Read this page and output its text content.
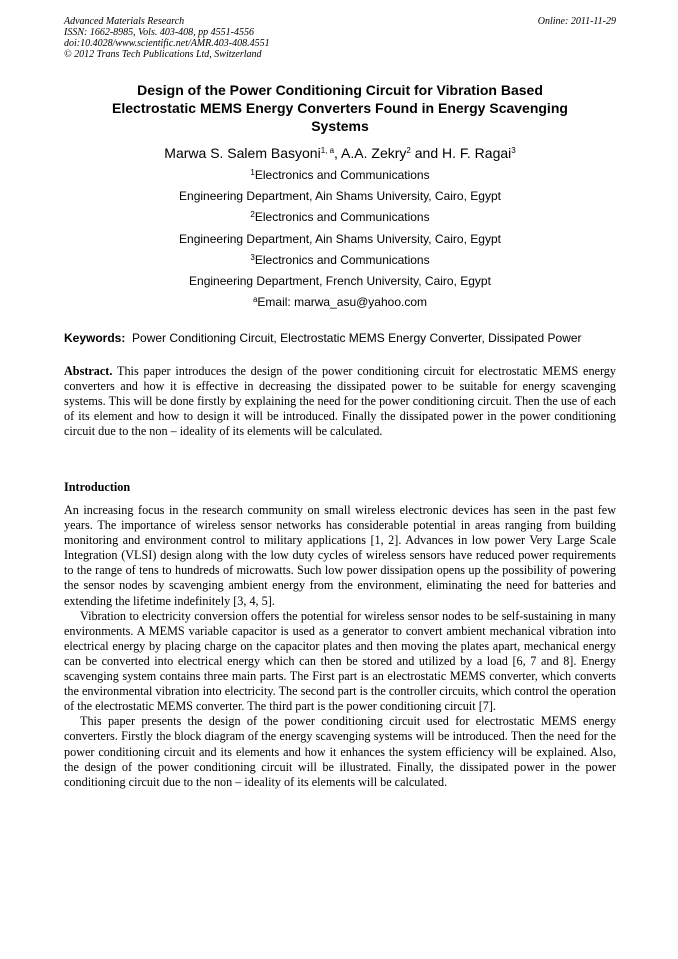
Advanced Materials Research
ISSN: 1662-8985, Vols. 403-408, pp 4551-4556
doi:10.4028/www.scientific.net/AMR.403-408.4551
© 2012 Trans Tech Publications Ltd, Switzerland
Online: 2011-11-29
Design of the Power Conditioning Circuit for Vibration Based
Electrostatic MEMS Energy Converters Found in Energy Scavenging
Systems
Marwa S. Salem Basyoni$^{1, a}$, A.A. Zekry$^2$ and H. F. Ragai$^3$
$^1$Electronics and Communications
Engineering Department, Ain Shams University, Cairo, Egypt
$^2$Electronics and Communications
Engineering Department, Ain Shams University, Cairo, Egypt
$^3$Electronics and Communications
Engineering Department, French University, Cairo, Egypt
$^a$Email: marwa_asu@yahoo.com
Keywords: Power Conditioning Circuit, Electrostatic MEMS Energy Converter, Dissipated Power

Abstract. This paper introduces the design of the power conditioning circuit for electrostatic MEMS energy converters and how it is effective in decreasing the dissipated power to be suitable for energy scavenging systems. This will be done firstly by explaining the need for the power conditioning circuit. Then the use of each of its element and how to design it will be introduced. Finally the dissipated power in the power conditioning circuit due to the non – ideality of its elements will be calculated.

Introduction

An increasing focus in the research community on small wireless electronic devices has seen in the past few years. The importance of wireless sensor networks has considerable potential in areas ranging from building monitoring and environment control to military applications [1, 2]. Advances in low power Very Large Scale Integration (VLSI) design along with the low duty cycles of wireless sensors have reduced power requirements to the range of tens to hundreds of microwatts. Such low power dissipation opens up the possibility of powering the sensor nodes by scavenging ambient energy from the environment, eliminating the need for batteries and extending the lifetime indefinitely [3, 4, 5].

Vibration to electricity conversion offers the potential for wireless sensor nodes to be self-sustaining in many environments. A MEMS variable capacitor is used as a generator to convert ambient mechanical vibration into electrical energy by placing charge on the capacitor plates and then moving the plates apart, mechanical energy can be converted into electrical energy which can then be stored and utilized by a load [6, 7 and 8]. Energy scavenging system contains three main parts. The First part is an electrostatic MEMS converter, which converts the environmental vibration into electricity. The second part is the controller circuits, which control the operation of the electrostatic MEMS converter. The third part is the power conditioning circuit [7].

This paper presents the design of the power conditioning circuit used for electrostatic MEMS energy converters. Firstly the block diagram of the energy scavenging systems will be introduced. Then the need for the power conditioning circuit and its elements and how it enhances the system efficiency will be explained. Also, the design of the power conditioning circuit will be illustrated. Finally, the dissipated power in the power conditioning circuit due to the non – ideality of its elements will be calculated.
